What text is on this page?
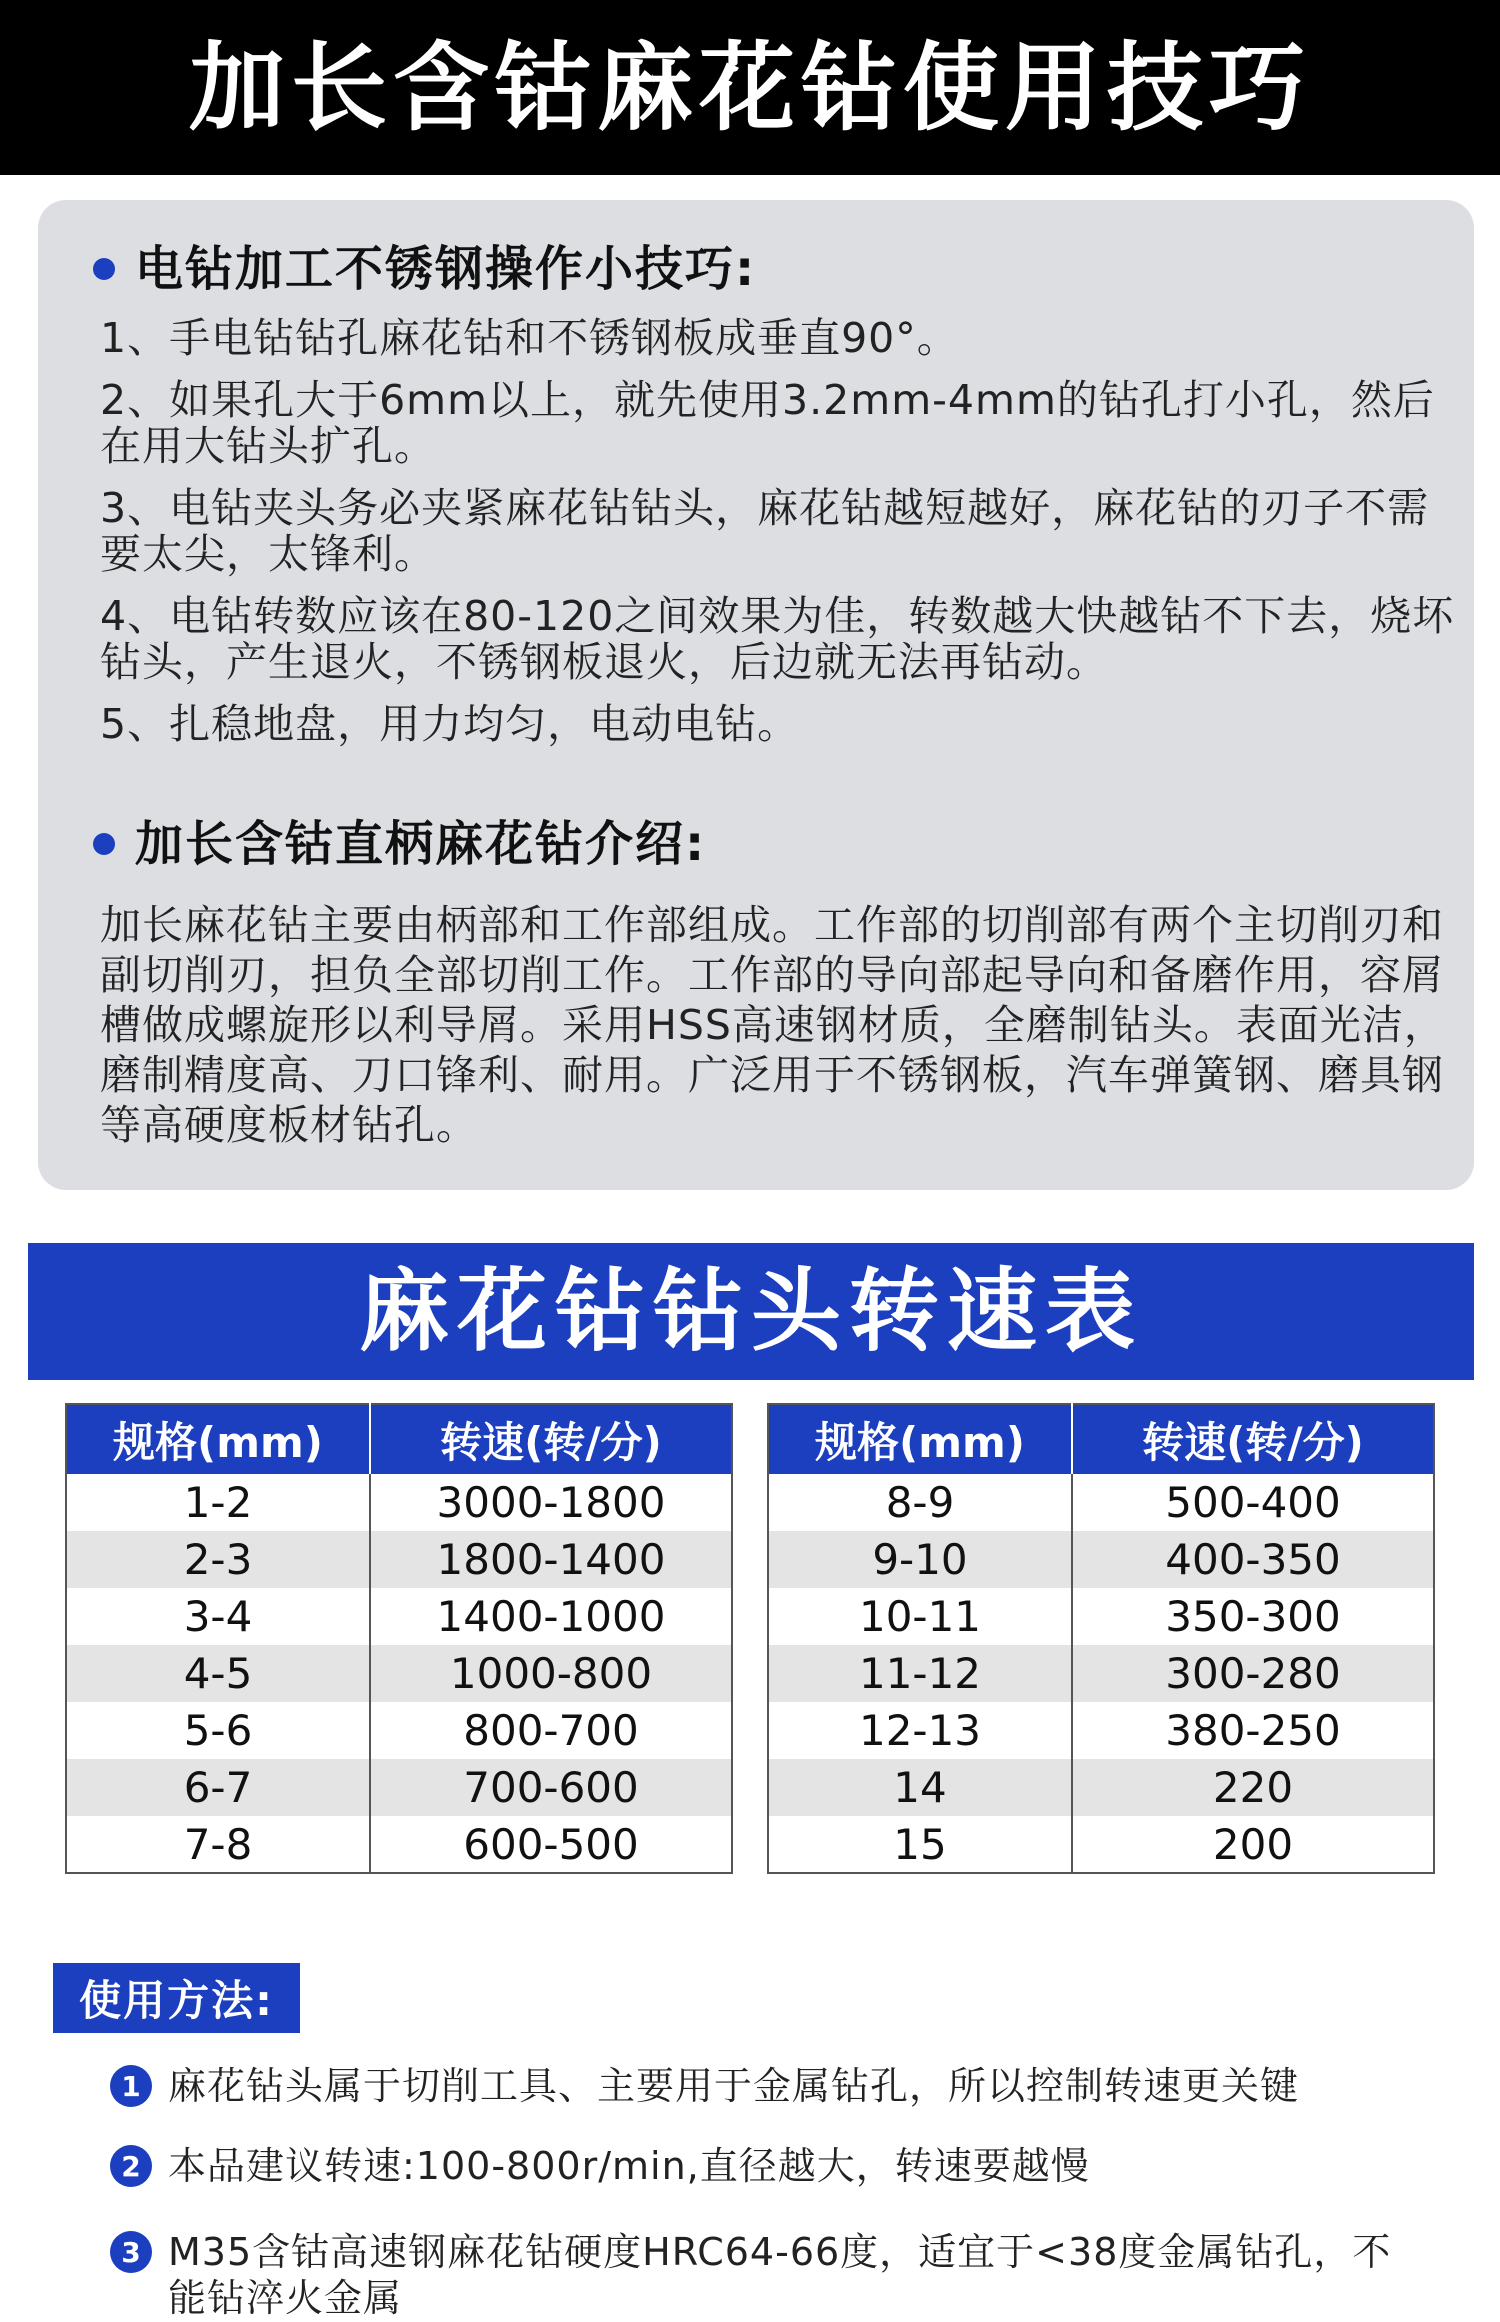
加长含钴麻花钻使用技巧
电钻加工不锈钢操作小技巧:
1、手电钻钻孔麻花钻和不锈钢板成垂直90°。
2、如果孔大于6mm以上，就先使用3.2mm-4mm的钻孔打小孔，然后在用大钻头扩孔。
3、电钻夹头务必夹紧麻花钻钻头，麻花钻越短越好，麻花钻的刃子不需要太尖，太锋利。
4、电钻转数应该在80-120之间效果为佳，转数越大快越钻不下去，烧坏钻头，产生退火，不锈钢板退火，后边就无法再钻动。
5、扎稳地盘，用力均匀，电动电钻。
加长含钴直柄麻花钻介绍:

加长麻花钻主要由柄部和工作部组成。工作部的切削部有两个主切削刃和副切削刃，担负全部切削工作。工作部的导向部起导向和备磨作用，容屑槽做成螺旋形以利导屑。采用HSS高速钢材质，全磨制钻头。表面光洁，磨制精度高、刀口锋利、耐用。广泛用于不锈钢板，汽车弹簧钢、磨具钢等高硬度板材钻孔。

麻花钻钻头转速表
规格(mm)	转速(转/分)
1-2	3000-1800
2-3	1800-1400
3-4	1400-1000
4-5	1000-800
5-6	800-700
6-7	700-600
7-8	600-500
规格(mm)	转速(转/分)
8-9	500-400
9-10	400-350
10-11	350-300
11-12	300-280
12-13	380-250
14	220
15	200
使用方法:
1 麻花钻头属于切削工具、主要用于金属钻孔，所以控制转速更关键
2 本品建议转速:100-800r/min,直径越大，转速要越慢
3 M35含钴高速钢麻花钻硬度HRC64-66度，适宜于<38度金属钻孔，不能钻淬火金属
